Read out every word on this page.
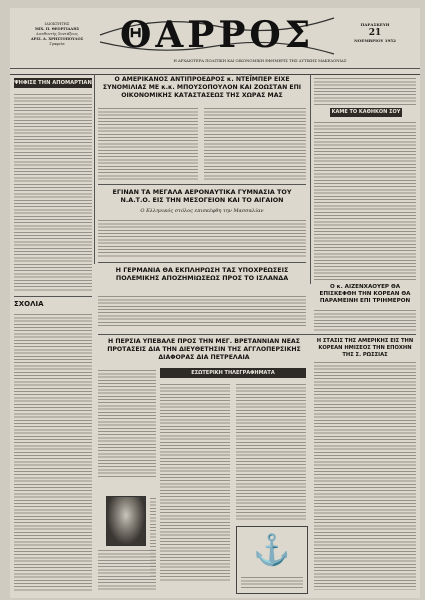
ΙΔΙΟΚΤΗΤΗΣ
ΜΙΧ. Π. ΘΕΟΡΓΙΑΔΗΣ
Διευθυντής Συντάξεως
ΑΡΙΣ. Α. ΧΡΗΣΤΟΠΟΥΛΟΣ
Γραφεία	ΘΑΡΡΟΣ	ΠΑΡΑΣΚΕΥΗ
21
ΝΟΕΜΒΡΙΟΥ 1952
Η ΑΡΧΑΙΟΤΕΡΑ ΠΟΛΙΤΙΚΗ ΚΑΙ ΟΙΚΟΝΟΜΙΚΗ ΕΦΗΜΕΡΙΣ ΤΗΣ ΔΥΤΙΚΗΣ ΜΑΚΕΔΟΝΙΑΣ
ΨΗΦΙΣΕ ΤΗΝ ΑΠΟΜΑΡΤΙΑΝ
ΣΧΟΛΙΑ
Ο ΑΜΕΡΙΚΑΝΟΣ ΑΝΤΙΠΡΟΕΔΡΟΣ κ. ΝΤΕΪΜΠΕΡ ΕΙΧΕ ΣΥΝΟΜΙΛΙΑΣ ΜΕ κ.κ. ΜΠΟΥΣΟΠΟΥΛΟΝ ΚΑΙ ΖΟΩΣΤΑΝ ΕΠΙ ΟΙΚΟΝΟΜΙΚΗΣ ΚΑΤΑΣΤΑΣΕΩΣ ΤΗΣ ΧΩΡΑΣ ΜΑΣ
ΕΓΙΝΑΝ ΤΑ ΜΕΓΑΛΑ ΑΕΡΟΝΑΥΤΙΚΑ ΓΥΜΝΑΣΙΑ ΤΟΥ Ν.Α.Τ.Ο. ΕΙΣ ΤΗΝ ΜΕΣΟΓΕΙΟΝ ΚΑΙ ΤΟ ΑΙΓΑΙΟΝ
Ο Ελληνικός στόλος επισκέφθη την Μασσαλίαν
Η ΓΕΡΜΑΝΙΑ ΘΑ ΕΚΠΛΗΡΩΣΗ ΤΑΣ ΥΠΟΧΡΕΩΣΕΙΣ ΠΟΛΕΜΙΚΗΣ ΑΠΟΖΗΜΙΩΣΕΩΣ ΠΡΟΣ ΤΟ ΙΣΛΑΝΔΑ
ΚΑΜΕ ΤΟ ΚΑΘΗΚΟΝ ΣΟΥ
Η ΠΕΡΣΙΑ ΥΠΕΒΑΛΕ ΠΡΟΣ ΤΗΝ ΜΕΓ. ΒΡΕΤΑΝΝΙΑΝ ΝΕΑΣ ΠΡΟΤΑΣΕΙΣ ΔΙΑ ΤΗΝ ΔΙΕΥΘΕΤΗΣΙΝ ΤΗΣ ΑΓΓΛΟΠΕΡΣΙΚΗΣ ΔΙΑΦΟΡΑΣ ΔΙΑ ΠΕΤΡΕΛΑΙΑ
Ο κ. ΑΙΖΕΝΧΑΟΥΕΡ ΘΑ ΕΠΙΣΚΕΦΘΗ ΤΗΝ ΚΟΡΕΑΝ ΘΑ ΠΑΡΑΜΕΙΝΗ ΕΠΙ ΤΡΙΗΜΕΡΟΝ
Η ΣΤΑΣΙΣ ΤΗΣ ΑΜΕΡΙΚΗΣ ΕΙΣ ΤΗΝ ΚΟΡΕΑΝ ΗΜΙΣΕΟΣ ΤΗΝ ΕΠΟΧΗΝ ΤΗΣ Σ. ΡΩΣΣΙΑΣ
ΕΣΩΤΕΡΙΚΗ ΤΗΛΕΓΡΑΦΗΜΑΤΑ
⚓
